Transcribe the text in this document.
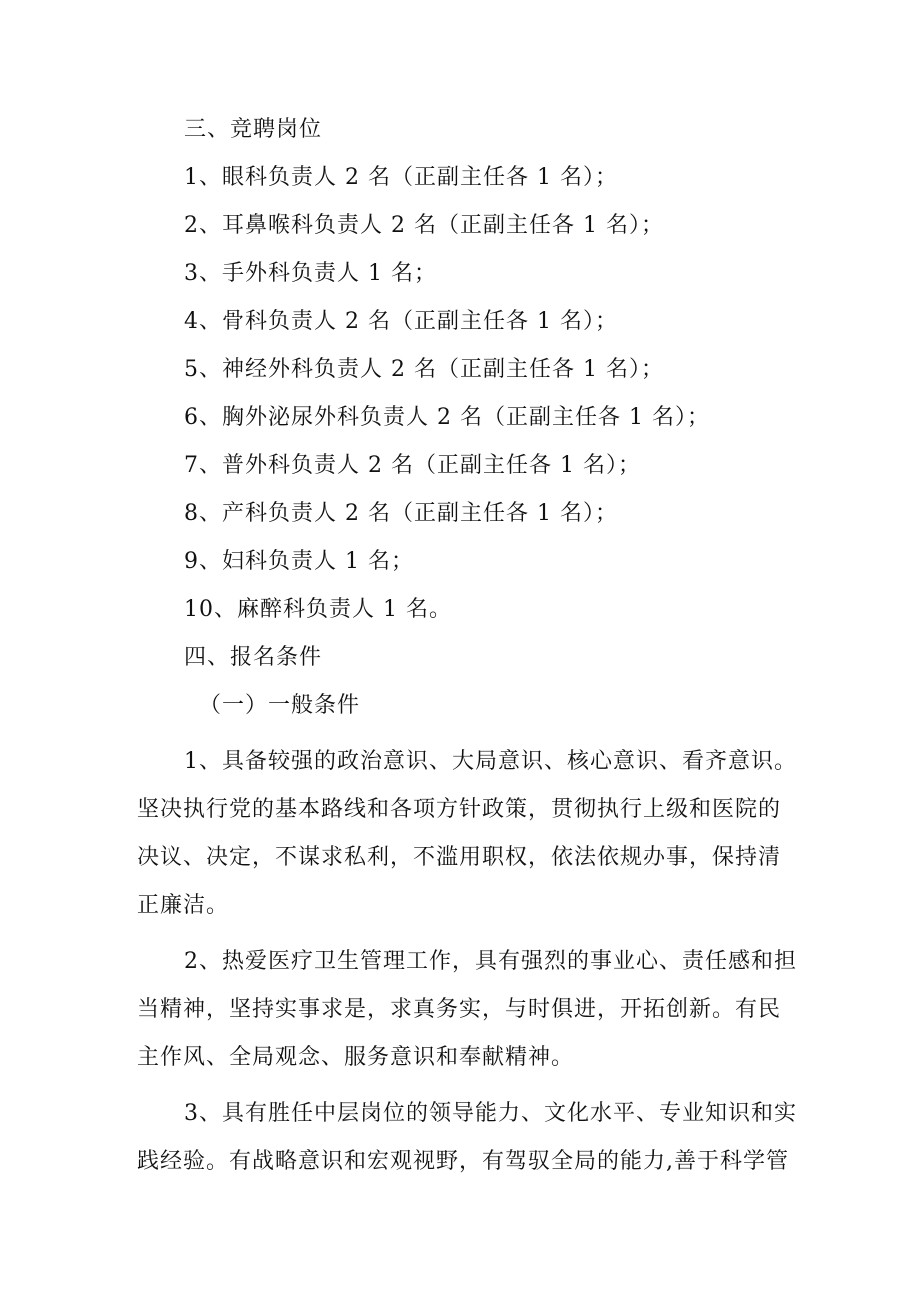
三、竞聘岗位
1、眼科负责人 2 名（正副主任各 1 名）；
2、耳鼻喉科负责人 2 名（正副主任各 1 名）；
3、手外科负责人 1 名；
4、骨科负责人 2 名（正副主任各 1 名）；
5、神经外科负责人 2 名（正副主任各 1 名）；
6、胸外泌尿外科负责人 2 名（正副主任各 1 名）；
7、普外科负责人 2 名（正副主任各 1 名）；
8、产科负责人 2 名（正副主任各 1 名）；
9、妇科负责人 1 名；
10、麻醉科负责人 1 名。
四、报名条件
（一）一般条件
1、具备较强的政治意识、大局意识、核心意识、看齐意识。
坚决执行党的基本路线和各项方针政策，贯彻执行上级和医院的
决议、决定，不谋求私利，不滥用职权，依法依规办事，保持清
正廉洁。
2、热爱医疗卫生管理工作，具有强烈的事业心、责任感和担
当精神，坚持实事求是，求真务实，与时俱进，开拓创新。有民
主作风、全局观念、服务意识和奉献精神。
3、具有胜任中层岗位的领导能力、文化水平、专业知识和实
践经验。有战略意识和宏观视野，有驾驭全局的能力,善于科学管
